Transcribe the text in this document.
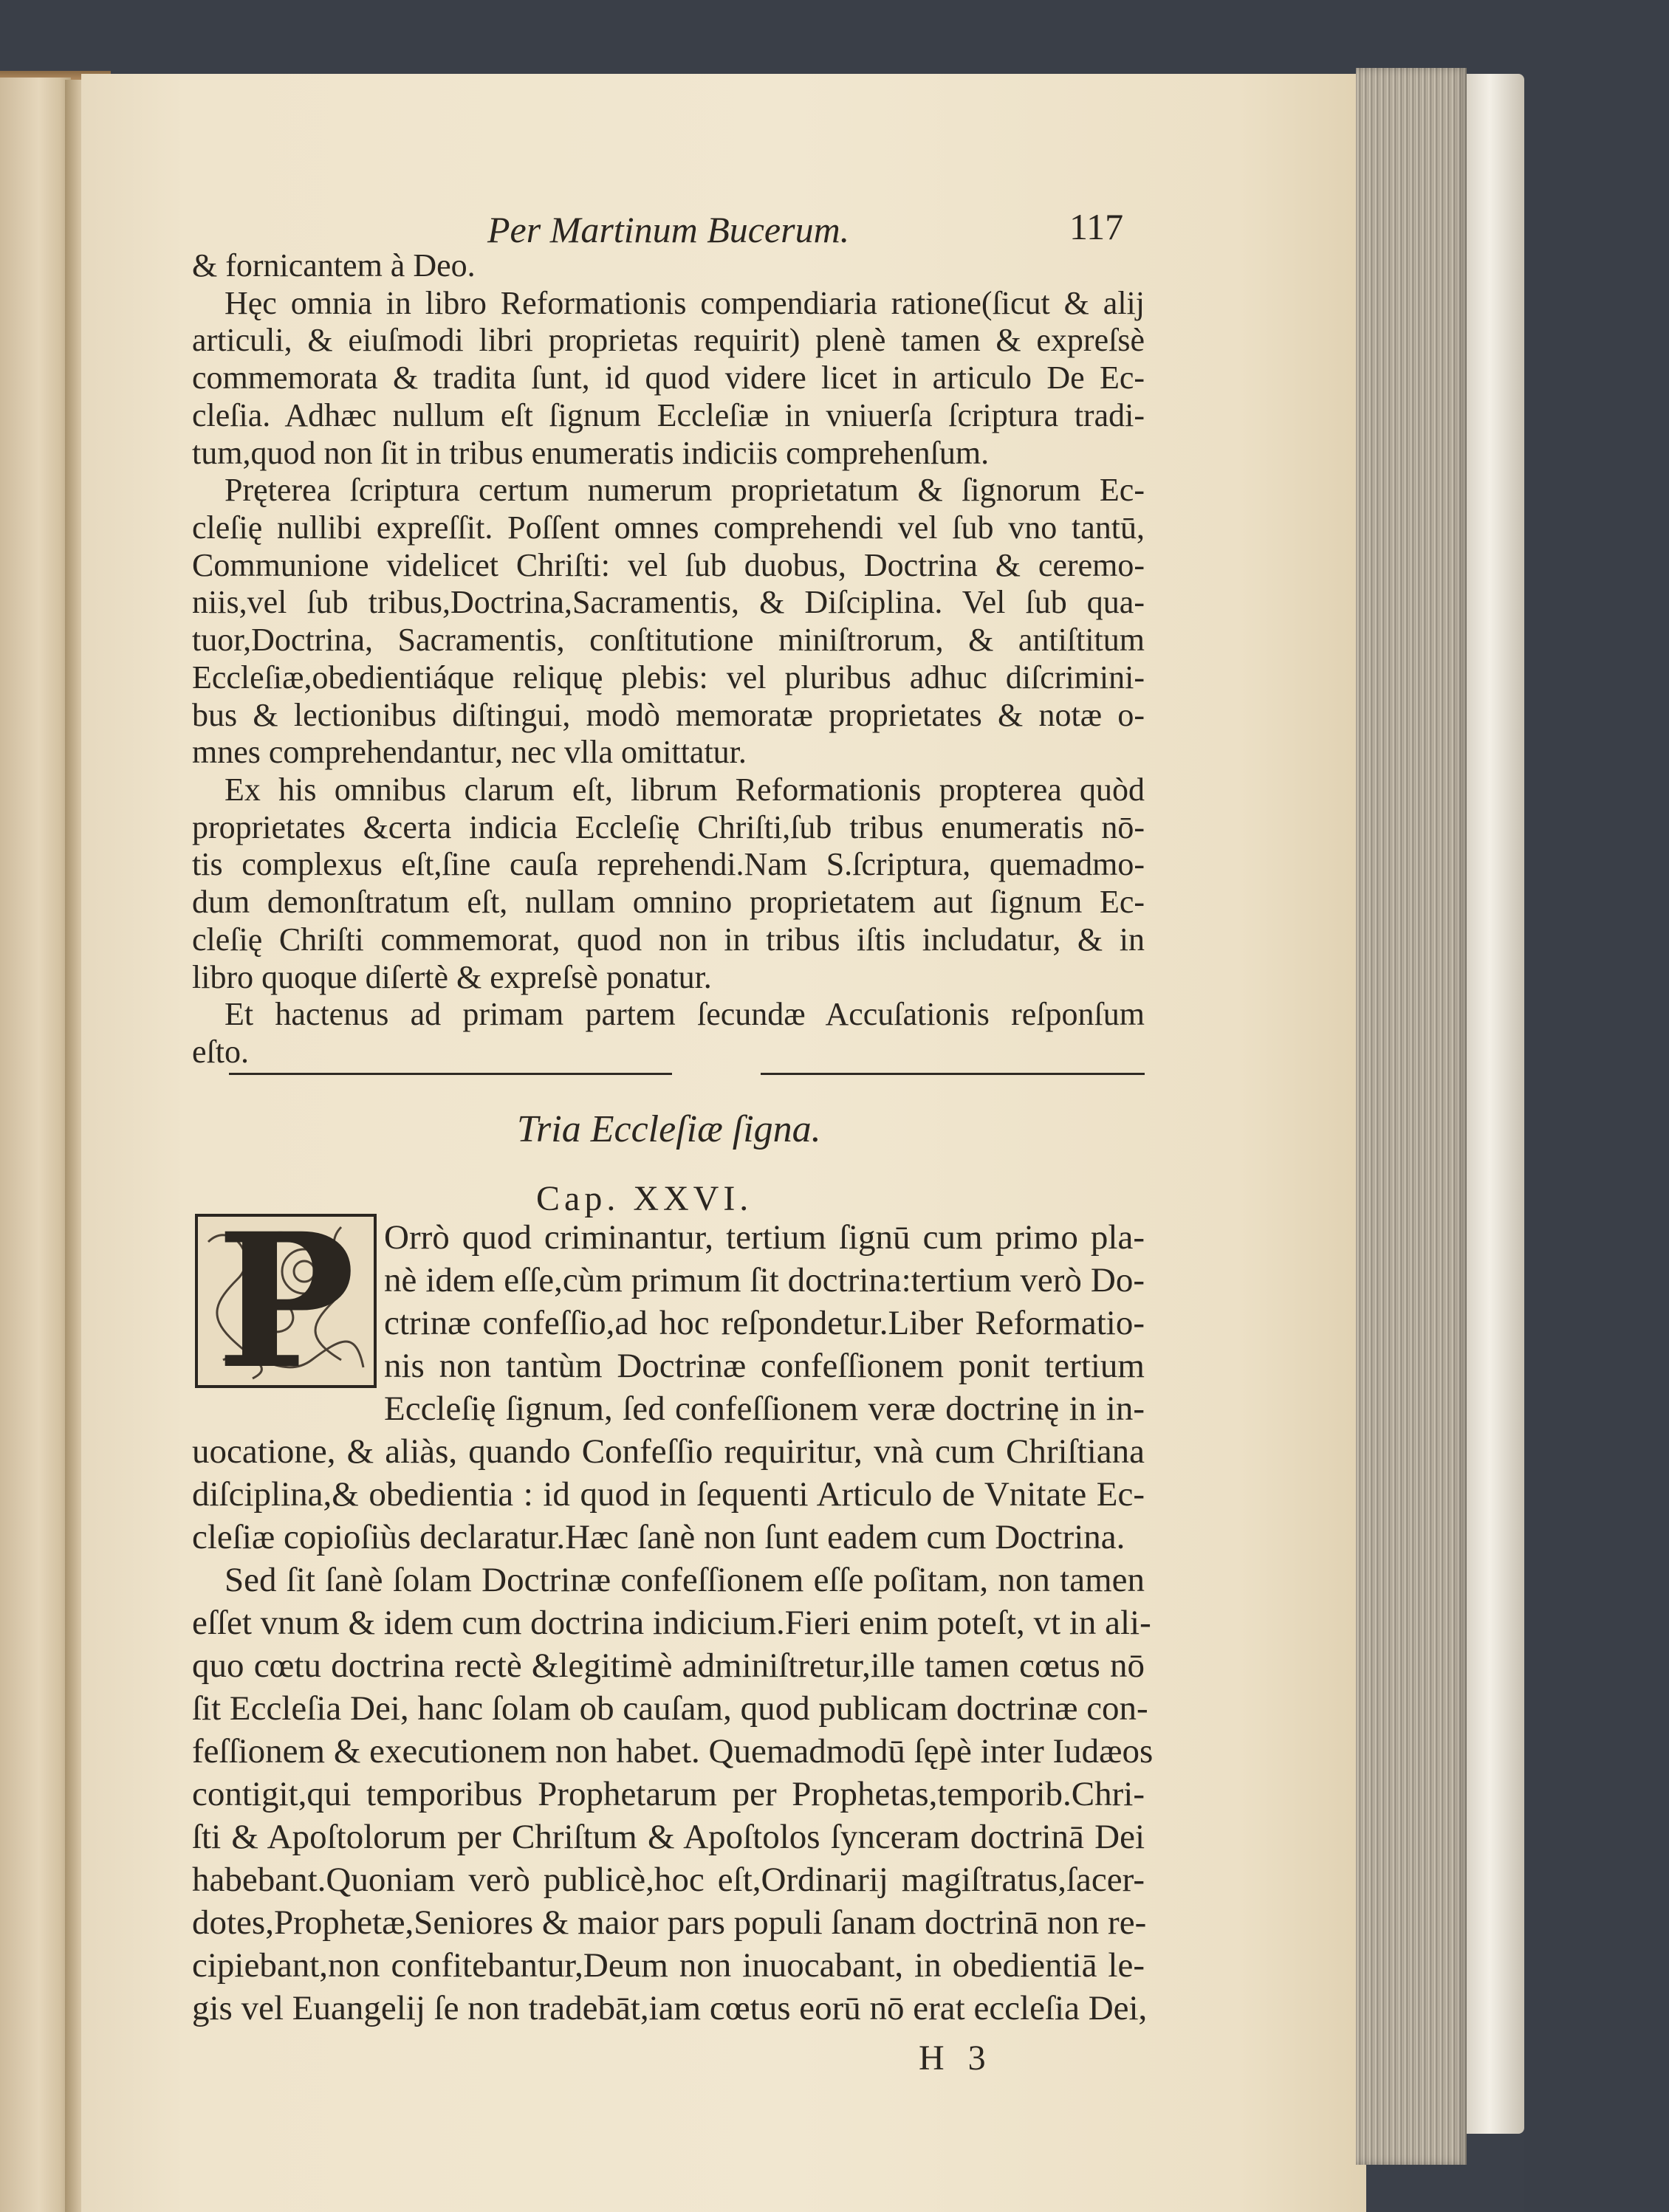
Per Martinum Bucerum.	117
& fornicantem à Deo.
Hęc omnia in libro Reformationis compendiaria ratione(ſicut & alij
articuli, & eiuſmodi libri proprietas requirit) plenè tamen & expreſsè
commemorata & tradita ſunt, id quod videre licet in articulo De Ec-
cleſia. Adhæc nullum eſt ſignum Eccleſiæ in vniuerſa ſcriptura tradi-
tum,quod non ſit in tribus enumeratis indiciis comprehenſum.
Pręterea ſcriptura certum numerum proprietatum & ſignorum Ec-
cleſię nullibi expreſſit. Poſſent omnes comprehendi vel ſub vno tantū,
Communione videlicet Chriſti: vel ſub duobus, Doctrina & ceremo-
niis,vel ſub tribus,Doctrina,Sacramentis, & Diſciplina. Vel ſub qua-
tuor,Doctrina, Sacramentis, conſtitutione miniſtrorum, & antiſtitum
Eccleſiæ,obedientiáque reliquę plebis: vel pluribus adhuc diſcrimini-
bus & lectionibus diſtingui, modò memoratæ proprietates & notæ o-
mnes comprehendantur, nec vlla omittatur.
Ex his omnibus clarum eſt, librum Reformationis propterea quòd
proprietates &certa indicia Eccleſię Chriſti,ſub tribus enumeratis nō-
tis complexus eſt,ſine cauſa reprehendi.Nam S.ſcriptura, quemadmo-
dum demonſtratum eſt, nullam omnino proprietatem aut ſignum Ec-
cleſię Chriſti commemorat, quod non in tribus iſtis includatur, & in
Tria Eccleſiæ ſigna.
Cap. XXVI.
P Orrò quod criminantur, tertium ſignū cum primo pla-
nè idem eſſe,cùm primum ſit doctrina:tertium verò Do-
ctrinæ confeſſio,ad hoc reſpondetur.Liber Reformatio-
nis non tantùm Doctrinæ confeſſionem ponit tertium
Eccleſię ſignum, ſed confeſſionem veræ doctrinę in in-
uocatione, & aliàs, quando Confeſſio requiritur, vnà cum Chriſtiana
diſciplina,& obedientia : id quod in ſequenti Articulo de Vnitate Ec-
cleſiæ copioſiùs declaratur.Hæc ſanè non ſunt eadem cum Doctrina.
Sed ſit ſanè ſolam Doctrinæ confeſſionem eſſe poſitam, non tamen
eſſet vnum & idem cum doctrina indicium.Fieri enim poteſt, vt in ali-
quo cœtu doctrina rectè &legitimè adminiſtretur,ille tamen cœtus nō
ſit Eccleſia Dei, hanc ſolam ob cauſam, quod publicam doctrinæ con-
feſſionem & executionem non habet. Quemadmodū ſępè inter Iudæos
contigit,qui temporibus Prophetarum per Prophetas,temporib.Chri-
ſti & Apoſtolorum per Chriſtum & Apoſtolos ſynceram doctrinā Dei
habebant.Quoniam verò publicè,hoc eſt,Ordinarij magiſtratus,ſacer-
dotes,Prophetæ,Seniores & maior pars populi ſanam doctrinā non re-
cipiebant,non confitebantur,Deum non inuocabant, in obedientiā le-
gis vel Euangelij ſe non tradebāt,iam cœtus eorū nō erat eccleſia Dei,
H 3
libro quoque diſertè & expreſsè ponatur.
Et hactenus ad primam partem ſecundæ Accuſationis reſponſum
eſto.
